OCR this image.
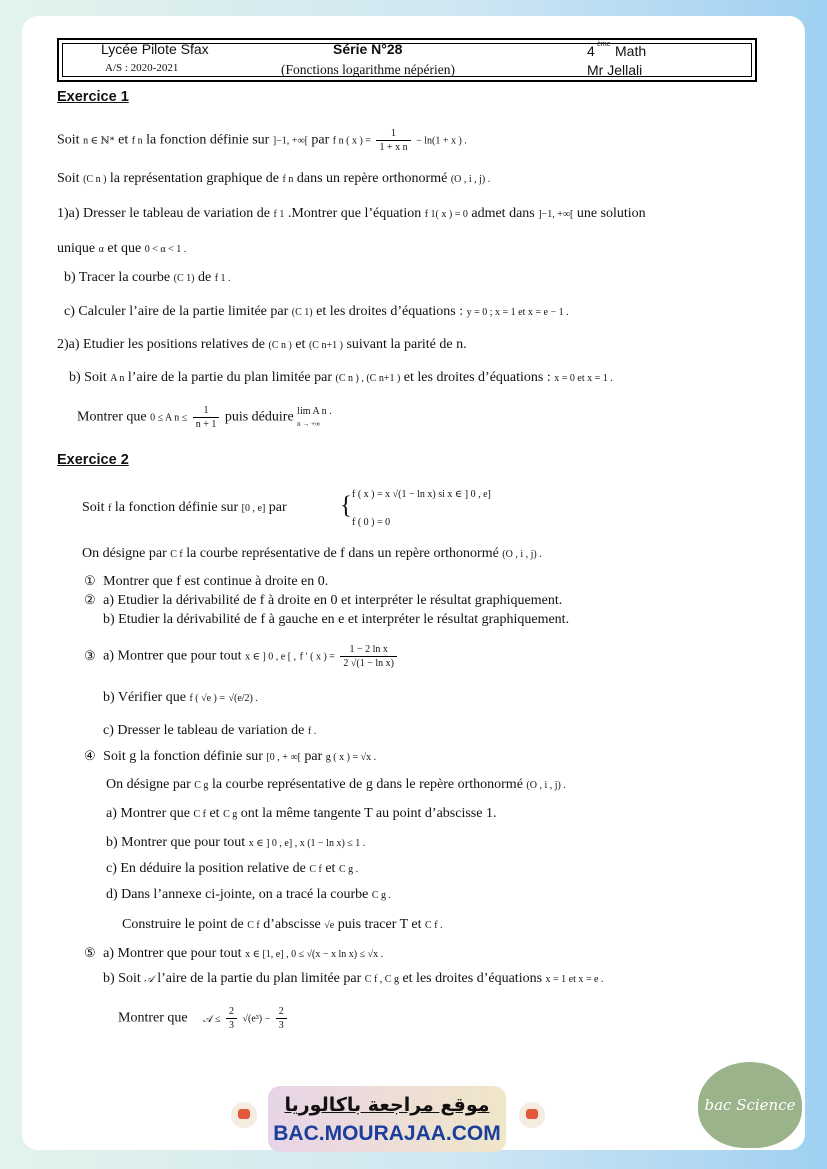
Lycée Pilote Sfax
A/S : 2020-2021
Série N°28
(Fonctions logarithme népérien)
4 ème Math
Mr Jellali
Exercice 1
Soit n ∈ ℕ* et f n la fonction définie sur ]−1, +∞[ par f n ( x ) = $\frac{1}{\text{1 + x n}} - \ln(1 + x$ ) .
Soit (C n ) la représentation graphique de f n dans un repère orthonormé (O , i , j) .
1)a) Dresser le tableau de variation de f 1 .Montrer que l’équation f 1( x ) = 0 admet dans ]−1, +∞[ une solution
unique α et que 0 < α < 1 .
b) Tracer la courbe (C 1) de f 1 .
c) Calculer l’aire de la partie limitée par (C 1) et les droites d’équations : y = 0 ; x = 1 et x = e − 1 .
2)a) Etudier les positions relatives de (C n ) et (C n+1 ) suivant la parité de n.
b) Soit A n l’aire de la partie du plan limitée par (C n ) , (C n+1 ) et les droites d’équations : x = 0 et x = 1 .
Montrer que 0 ≤ A $n \le \frac{1}{n + 1}$ puis déduire lim A n .
n → +∞
Exercice 2
Soit f la fonction définie sur [0 , e] par { f ( x ) = x √(1 − ln x) si x ∈ ] 0 , e]
f ( 0 ) = 0
On désigne par C f la courbe représentative de f dans un repère orthonormé (O , i , j) .
① Montrer que f est continue à droite en 0.
② a) Etudier la dérivabilité de f à droite en 0 et interpréter le résultat graphiquement.
b) Etudier la dérivabilité de f à gauche en e et interpréter le résultat graphiquement.
③ a) Montrer que pour tout x ∈ ] 0 , e [ , f ′ ( x ) = $\frac{\text{1 − 2 ln x}}{\text{2 √(1 − ln x)}}$
b) Vérifier que f ( √e ) = √(e/2) .
c) Dresser le tableau de variation de f .
④ Soit g la fonction définie sur [0 , + ∞[ par g ( x ) = √x .
On désigne par C g la courbe représentative de g dans le repère orthonormé (O , i , j) .
a) Montrer que C f et C g ont la même tangente T au point d’abscisse 1.
b) Montrer que pour tout x ∈ ] 0 , e] , x (1 − ln x) ≤ 1 .
c) En déduire la position relative de C f et C g .
d) Dans l’annexe ci-jointe, on a tracé la courbe C g .
Construire le point de C f d’abscisse √e puis tracer T et C f .
⑤ a) Montrer que pour tout x ∈ [1, e] , 0 ≤ √(x − x ln x) ≤ √x .
b) Soit 𝒜 l’aire de la partie du plan limitée par C f , C g et les droites d’équations x = 1 et x = e .
Montrer que 𝒜 ≤ $\frac{2}{3} √(e^3) - \frac{2}{3}$
موقع مراجعة باكالوريا
BAC.MOURAJAA.COM
bac Science
